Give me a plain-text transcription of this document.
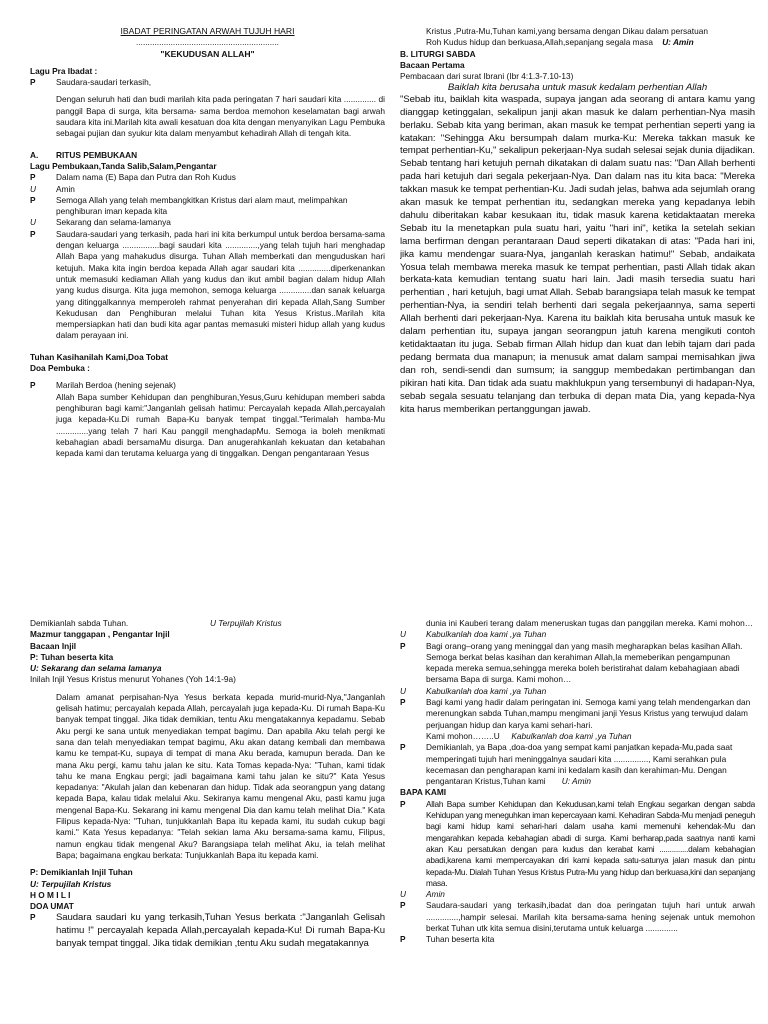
IBADAT PERINGATAN ARWAH TUJUH HARI
..............................................................
"KEKUDUSAN ALLAH"
Lagu Pra Ibadat :
P	Saudara-saudari terkasih,
Dengan seluruh hati dan budi marilah kita pada peringatan 7 hari saudari kita .............. di panggil Bapa di surga, kita bersama- sama berdoa memohon keselamatan bagi arwah saudara kita ini.Marilah kita awali kesatuan doa kita dengan menyanyikan Lagu Pembuka sebagai pujian dan syukur kita dalam menyambut kehadirah Allah di tengah kita.
A.	RITUS PEMBUKAAN
Lagu Pembukaan,Tanda Salib,Salam,Pengantar
P	Dalam nama (E) Bapa dan Putra dan Roh Kudus
U	Amin
P	Semoga Allah yang telah membangkitkan Kristus dari alam maut, melimpahkan penghiburan iman kepada kita
U	Sekarang dan selama-lamanya
P	Saudara-saudari yang terkasih, pada hari ini kita berkumpul untuk berdoa bersama-sama dengan keluarga ................bagi saudari kita ..............,yang telah tujuh hari menghadap Allah Bapa yang mahakudus disurga. Tuhan Allah memberkati dan menguduskan hari ketujuh. Maka kita ingin berdoa kepada Allah agar saudari kita ..............diperkenankan untuk memasuki kediaman Allah yang kudus dan ikut ambil bagian dalam hidup Allah yang kudus disurga. Kita juga memohon, semoga keluarga ..............dan sanak keluarga yang ditinggalkannya memperoleh rahmat penyerahan diri kepada Allah,Sang Sumber Kekudusan dan Penghiburan melalui Tuhan kita Yesus Kristus..Marilah kita mempersiapkan hati dan budi kita agar pantas memasuki misteri hidup allah yang kudus dalam perayaan ini.
Tuhan Kasihanilah Kami,Doa Tobat
Doa Pembuka :
P	Marilah Berdoa (hening sejenak)
Allah Bapa sumber Kehidupan dan penghiburan,Yesus,Guru kehidupan memberi sabda penghiburan bagi kami:"Janganlah gelisah hatimu: Percayalah kepada Allah,percayalah juga kepada-Ku.Di rumah Bapa-Ku banyak tempat tinggal."Terimalah hamba-Mu ..............yang telah 7 hari Kau panggil menghadapMu. Semoga ia boleh menikmati kebahagian abadi bersamaMu disurga. Dan anugerahkanlah kekuatan dan ketabahan kepada kami dan terutama keluarga yang di tinggalkan. Dengan pengantaraan Yesus
Kristus ,Putra-Mu,Tuhan kami,yang bersama dengan Dikau dalam persatuan
Roh Kudus hidup dan berkuasa,Allah,sepanjang segala masa U: Amin
B. LITURGI SABDA
Bacaan Pertama
Pembacaan dari surat Ibrani (Ibr 4:1.3-7.10-13)
Baiklah kita berusaha untuk masuk kedalam perhentian Allah
"Sebab itu, baiklah kita waspada, supaya jangan ada seorang di antara kamu yang dianggap ketinggalan, sekalipun janji akan masuk ke dalam perhentian-Nya masih berlaku. Sebab kita yang beriman, akan masuk ke tempat perhentian seperti yang ia katakan: "Sehingga Aku bersumpah dalam murka-Ku: Mereka takkan masuk ke tempat perhentian-Ku," sekalipun pekerjaan-Nya sudah selesai sejak dunia dijadikan. Sebab tentang hari ketujuh pernah dikatakan di dalam suatu nas: "Dan Allah berhenti pada hari ketujuh dari segala pekerjaan-Nya. Dan dalam nas itu kita baca: "Mereka takkan masuk ke tempat perhentian-Ku. Jadi sudah jelas, bahwa ada sejumlah orang akan masuk ke tempat perhentian itu, sedangkan mereka yang kepadanya lebih dahulu diberitakan kabar kesukaan itu, tidak masuk karena ketidaktaatan mereka Sebab itu Ia menetapkan pula suatu hari, yaitu "hari ini", ketika Ia setelah sekian lama berfirman dengan perantaraan Daud seperti dikatakan di atas: "Pada hari ini, jika kamu mendengar suara-Nya, janganlah keraskan hatimu!" Sebab, andaikata Yosua telah membawa mereka masuk ke tempat perhentian, pasti Allah tidak akan berkata-kata kemudian tentang suatu hari lain. Jadi masih tersedia suatu hari perhentian , hari ketujuh, bagi umat Allah. Sebab barangsiapa telah masuk ke tempat perhentian-Nya, ia sendiri telah berhenti dari segala pekerjaannya, sama seperti Allah berhenti dari pekerjaan-Nya. Karena itu baiklah kita berusaha untuk masuk ke dalam perhentian itu, supaya jangan seorangpun jatuh karena mengikuti contoh ketidaktaatan itu juga. Sebab firman Allah hidup dan kuat dan lebih tajam dari pada pedang bermata dua manapun; ia menusuk amat dalam sampai memisahkan jiwa dan roh, sendi-sendi dan sumsum; ia sanggup membedakan pertimbangan dan pikiran hati kita. Dan tidak ada suatu makhlukpun yang tersembunyi di hadapan-Nya, sebab segala sesuatu telanjang dan terbuka di depan mata Dia, yang kepada-Nya kita harus memberikan pertanggungan jawab.
Demikianlah sabda Tuhan.	U Terpujilah Kristus
Mazmur tanggapan , Pengantar Injil
Bacaan Injil
P: Tuhan beserta kita
U: Sekarang dan selama lamanya
Inilah Injil Yesus Kristus menurut Yohanes (Yoh 14:1-9a)
Dalam amanat perpisahan-Nya Yesus berkata kepada murid-murid-Nya,"Janganlah gelisah hatimu; percayalah kepada Allah, percayalah juga kepada-Ku. Di rumah Bapa-Ku banyak tempat tinggal. Jika tidak demikian, tentu Aku mengatakannya kepadamu. Sebab Aku pergi ke sana untuk menyediakan tempat bagimu. Dan apabila Aku telah pergi ke sana dan telah menyediakan tempat bagimu, Aku akan datang kembali dan membawa kamu ke tempat-Ku, supaya di tempat di mana Aku berada, kamupun berada. Dan ke mana Aku pergi, kamu tahu jalan ke situ. Kata Tomas kepada-Nya: "Tuhan, kami tidak tahu ke mana Engkau pergi; jadi bagaimana kami tahu jalan ke situ?" Kata Yesus kepadanya: "Akulah jalan dan kebenaran dan hidup. Tidak ada seorangpun yang datang kepada Bapa, kalau tidak melalui Aku. Sekiranya kamu mengenal Aku, pasti kamu juga mengenal Bapa-Ku. Sekarang ini kamu mengenal Dia dan kamu telah melihat Dia." Kata Filipus kepada-Nya: "Tuhan, tunjukkanlah Bapa itu kepada kami, itu sudah cukup bagi kami." Kata Yesus kepadanya: "Telah sekian lama Aku bersama-sama kamu, Filipus, namun engkau tidak mengenal Aku? Barangsiapa telah melihat Aku, ia telah melihat Bapa; bagaimana engkau berkata: Tunjukkanlah Bapa itu kepada kami.
P: Demikianlah Injil Tuhan
U: Terpujilah Kristus
H O M I L I
DOA UMAT
P	Saudara saudari ku yang terkasih,Tuhan Yesus berkata :"Janganlah Gelisah hatimu !" percayalah kepada Allah,percayalah kepada-Ku! Di rumah Bapa-Ku banyak tempat tinggal. Jika tidak demikian ,tentu Aku sudah megatakannya
dunia ini Kauberi terang dalam meneruskan tugas dan panggilan mereka. Kami mohon…
U	Kabulkanlah doa kami ,ya Tuhan
P	Bagi orang–orang yang meninggal dan yang masih megharapkan belas kasihan Allah. Semoga berkat belas kasihan dan kerahiman Allah,Ia memeberikan pengampunan kepada mereka semua,sehingga mereka boleh beristirahat dalam kebahagiaan abadi bersama Bapa di surga. Kami mohon…
U	Kabulkanlah doa kami ,ya Tuhan
P	Bagi kami yang hadir dalam peringatan ini. Semoga kami yang telah mendengarkan dan merenungkan sabda Tuhan,mampu mengimani janji Yesus Kristus yang terwujud dalam perjuangan hidup dan karya kami sehari-hari.
Kami mohon……..U Kabulkanlah doa kami ,ya Tuhan
P	Demikianlah, ya Bapa ,doa-doa yang sempat kami panjatkan kepada-Mu,pada saat memperingati tujuh hari meninggalnya saudari kita ..............., Kami serahkan pula kecemasan dan pengharapan kami ini kedalam kasih dan kerahiman-Mu. Dengan pengantaran Kristus,Tuhan kami U: Amin
BAPA KAMI
P	Allah Bapa sumber Kehidupan dan Kekudusan,kami telah Engkau segarkan dengan sabda Kehidupan yang meneguhkan iman kepercayaan kami. Kehadiran Sabda-Mu menjadi peneguh bagi kami hidup kami sehari-hari dalam usaha kami memenuhi kehendak-Mu dan mengarahkan kepada kebahagian abadi di surga. Kami berharap,pada saatnya nanti kami akan Kau persatukan dengan para kudus dan kerabat kami ..............dalam kebahagian abadi,karena kami mempercayakan diri kami kepada satu-satunya jalan masuk dan pintu kepada-Mu. Dialah Tuhan Yesus Kristus Putra-Mu yang hidup dan berkuasa,kini dan sepanjang masa.
U	Amin
P	Saudara-saudari yang terkasih,ibadat dan doa peringatan tujuh hari untuk arwah ..............,hampir selesai. Marilah kita bersama-sama hening sejenak untuk memohon berkat Tuhan utk kita semua disini,terutama untuk keluarga ..............
P	Tuhan beserta kita
